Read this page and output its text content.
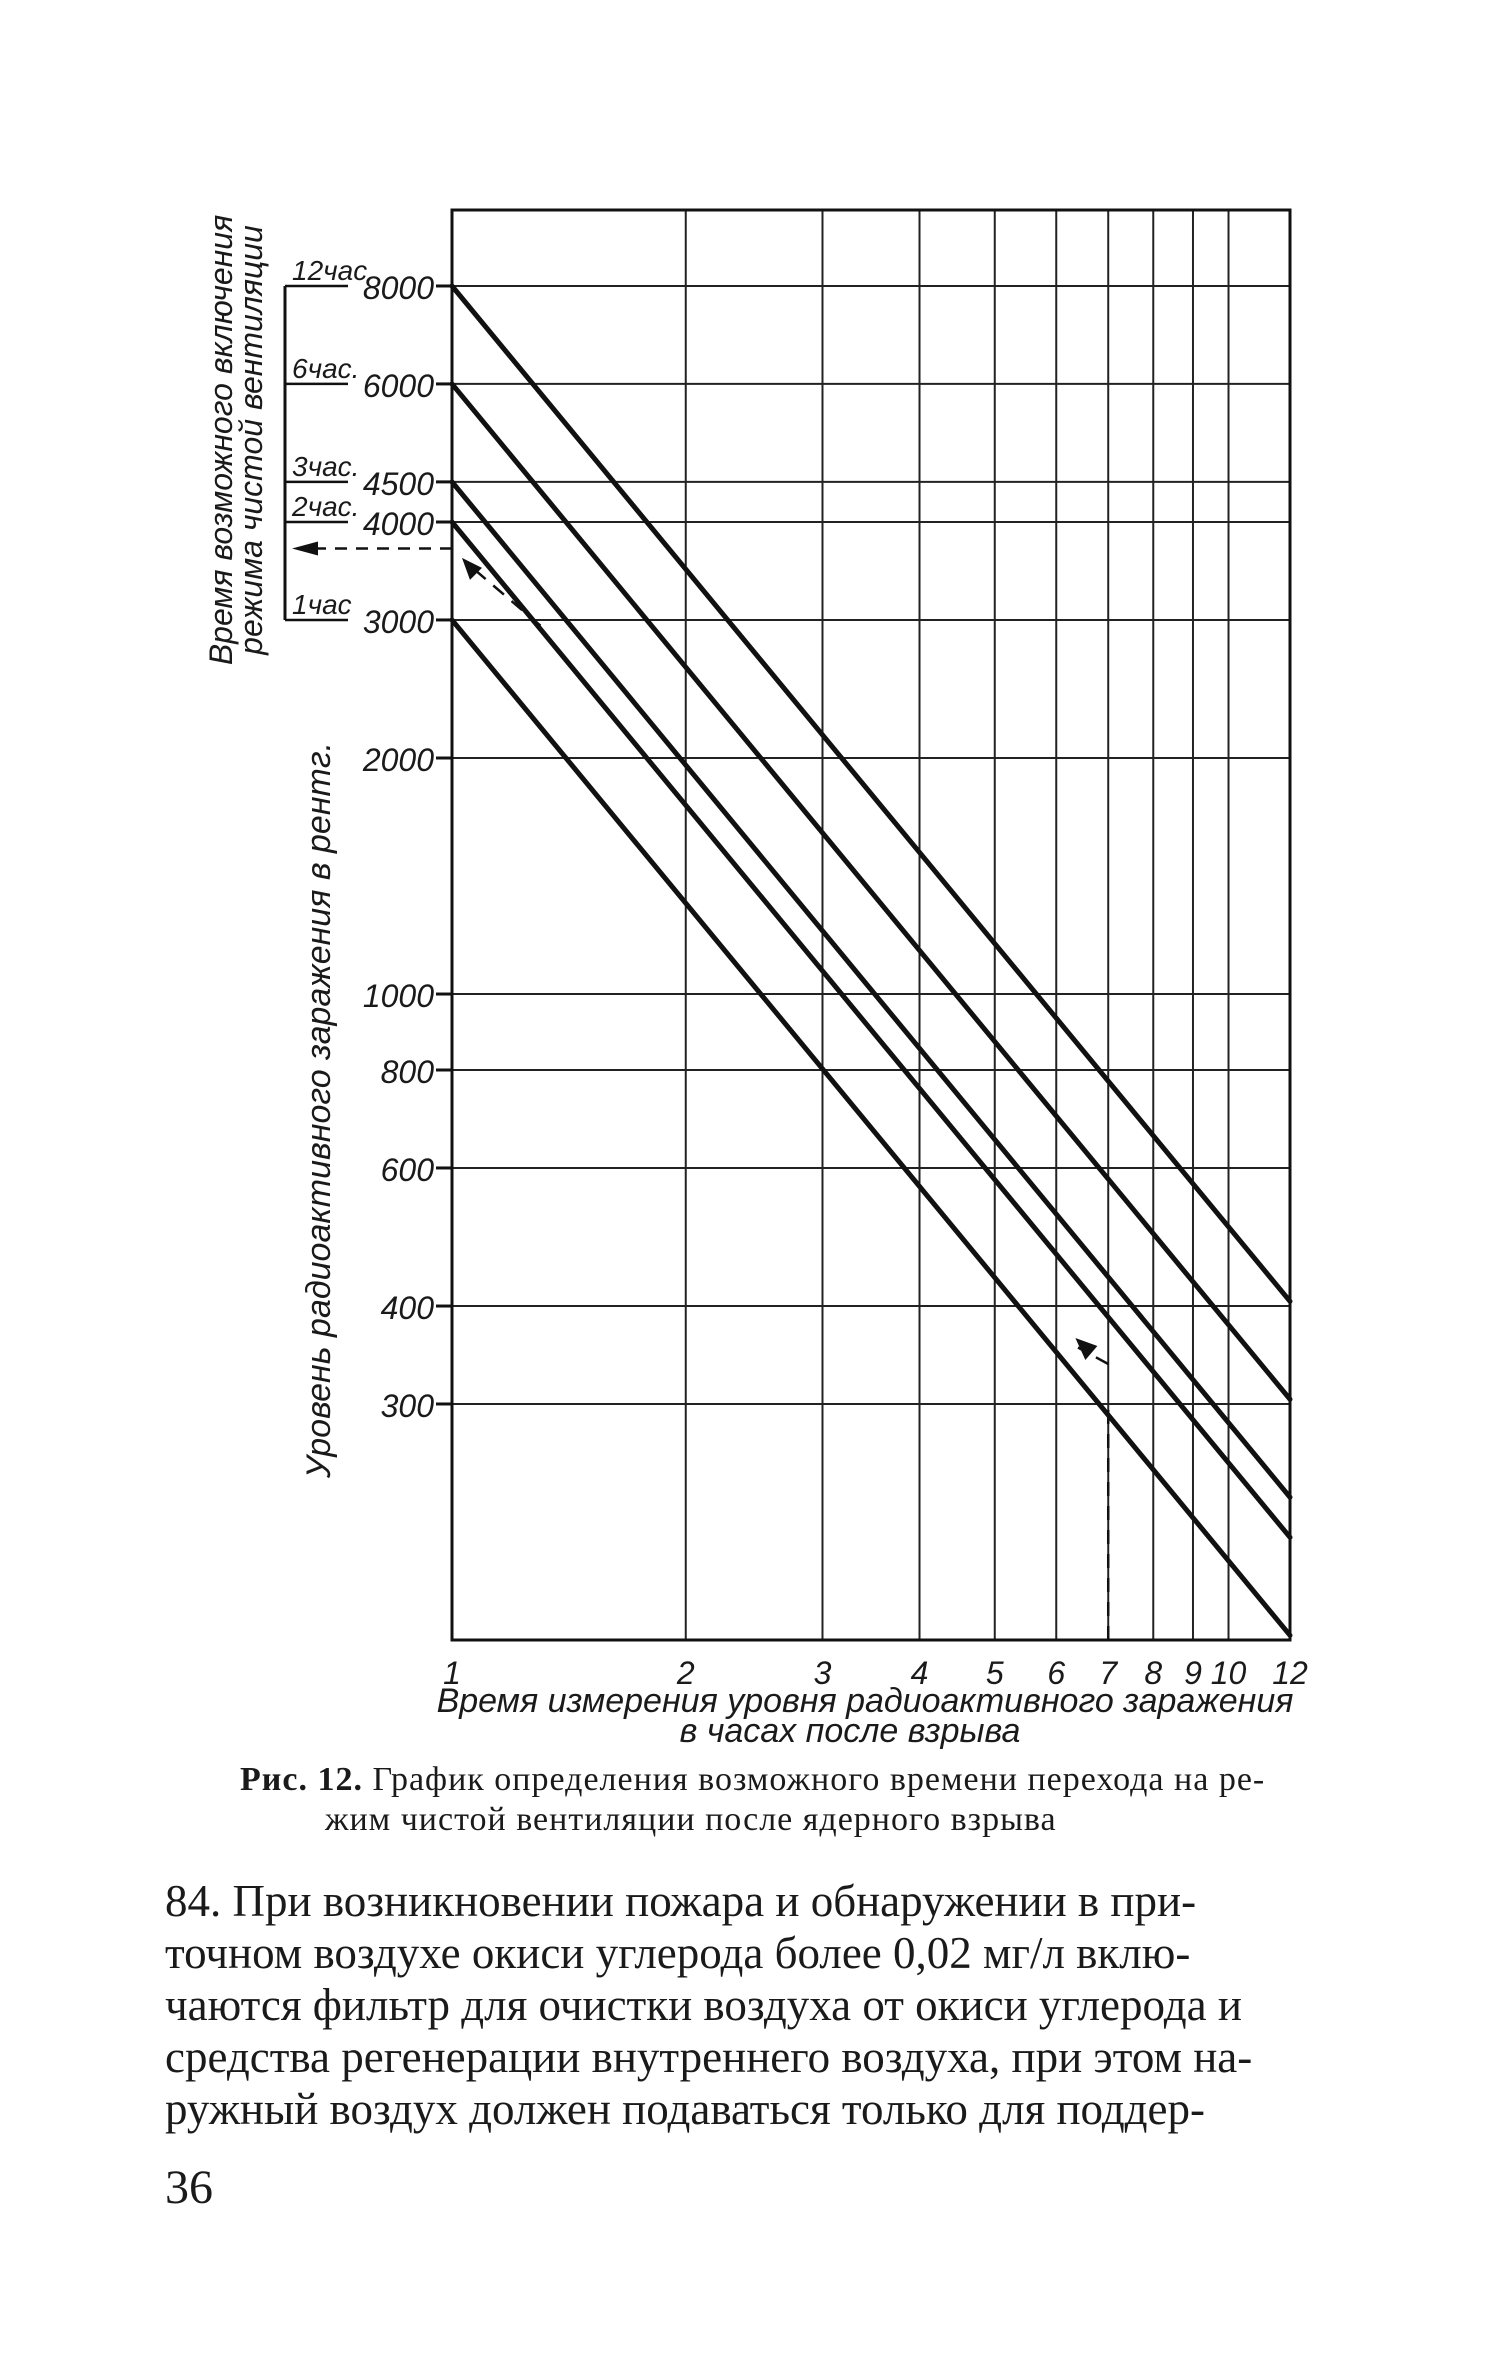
1	2	3 4 5 6 7 8 9 10 12
300
400
600
800
1000
2000
3000
4000
4500
6000
8000
12час
6час.
3час.
2час.
1час
Время измерения уровня радиоактивного заражения
в часах после взрыва
Уровень радиоактивного заражения в рентг.
Время возможного включения
режима чистой вентиляции
Рис. 12. График определения возможного времени перехода на ре-
жим чистой вентиляции после ядерного взрыва
84. При возникновении пожара и обнаружении в при-
точном воздухе окиси углерода более 0,02 мг/л вклю-
чаются фильтр для очистки воздуха от окиси углерода и
средства регенерации внутреннего воздуха, при этом на-
ружный воздух должен подаваться только для поддер-
36
